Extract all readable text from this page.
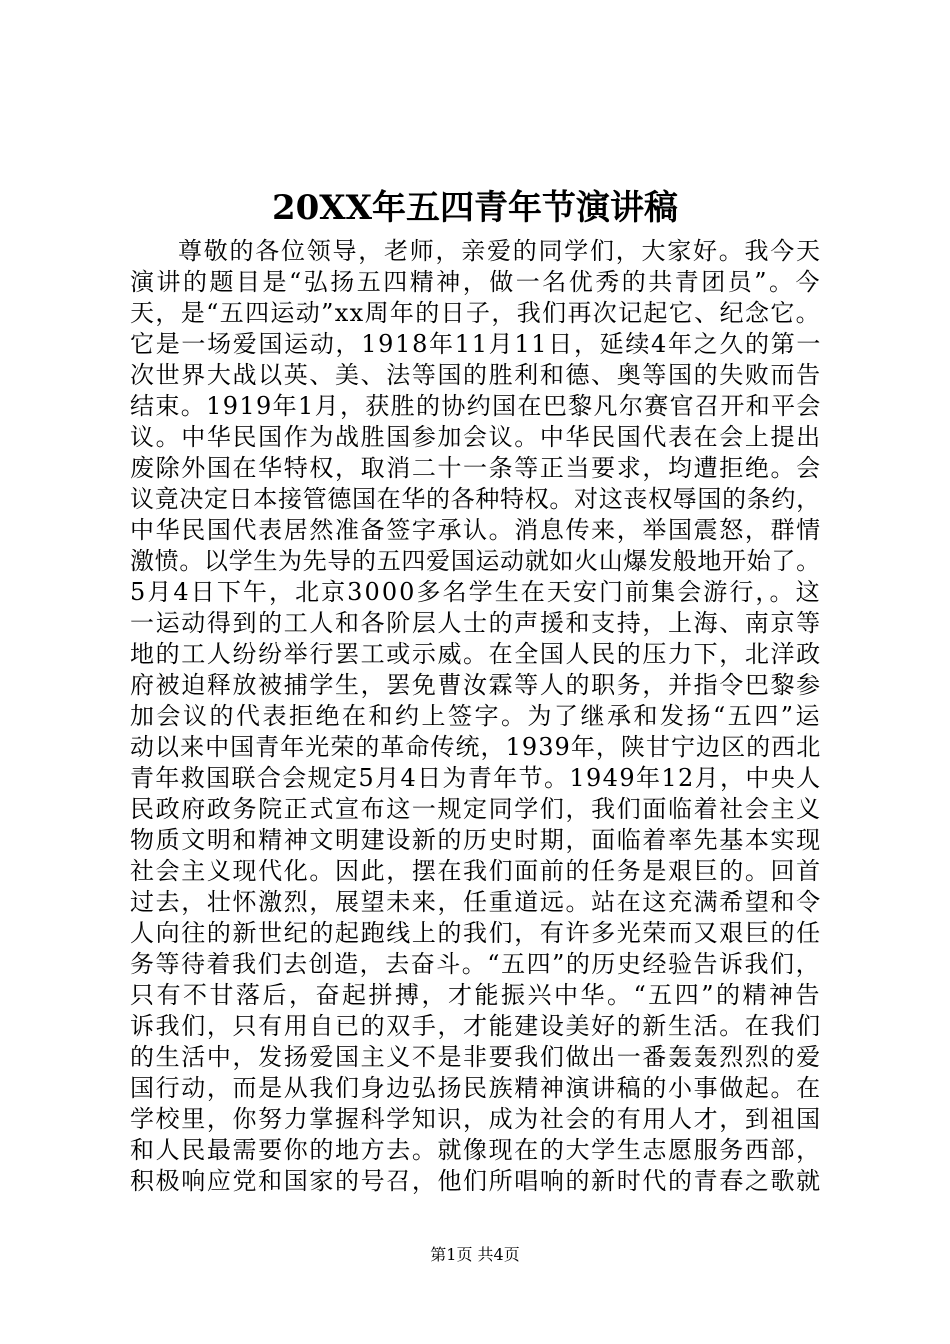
20XX年五四青年节演讲稿
尊敬的各位领导，老师，亲爱的同学们，大家好。我今天
演讲的题目是“弘扬五四精神，做一名优秀的共青团员”。今
天，是“五四运动”xx周年的日子，我们再次记起它、纪念它。
它是一场爱国运动，1918年11月11日，延续4年之久的第一
次世界大战以英、美、法等国的胜利和德、奥等国的失败而告
结束。1919年1月，获胜的协约国在巴黎凡尔赛官召开和平会
议。中华民国作为战胜国参加会议。中华民国代表在会上提出
废除外国在华特权，取消二十一条等正当要求，均遭拒绝。会
议竟决定日本接管德国在华的各种特权。对这丧权辱国的条约，
中华民国代表居然准备签字承认。消息传来，举国震怒，群情
激愤。以学生为先导的五四爱国运动就如火山爆发般地开始了。
5月4日下午，北京3000多名学生在天安门前集会游行，。这
一运动得到的工人和各阶层人士的声援和支持，上海、南京等
地的工人纷纷举行罢工或示威。在全国人民的压力下，北洋政
府被迫释放被捕学生，罢免曹汝霖等人的职务，并指令巴黎参
加会议的代表拒绝在和约上签字。为了继承和发扬“五四”运
动以来中国青年光荣的革命传统，1939年，陕甘宁边区的西北
青年救国联合会规定5月4日为青年节。1949年12月，中央人
民政府政务院正式宣布这一规定同学们，我们面临着社会主义
物质文明和精神文明建设新的历史时期，面临着率先基本实现
社会主义现代化。因此，摆在我们面前的任务是艰巨的。回首
过去，壮怀激烈，展望未来，任重道远。站在这充满希望和令
人向往的新世纪的起跑线上的我们，有许多光荣而又艰巨的任
务等待着我们去创造，去奋斗。“五四”的历史经验告诉我们，
只有不甘落后，奋起拼搏，才能振兴中华。“五四”的精神告
诉我们，只有用自已的双手，才能建设美好的新生活。在我们
的生活中，发扬爱国主义不是非要我们做出一番轰轰烈烈的爱
国行动，而是从我们身边弘扬民族精神演讲稿的小事做起。在
学校里，你努力掌握科学知识，成为社会的有用人才，到祖国
和人民最需要你的地方去。就像现在的大学生志愿服务西部，
积极响应党和国家的号召，他们所唱响的新时代的青春之歌就
第1页 共4页
